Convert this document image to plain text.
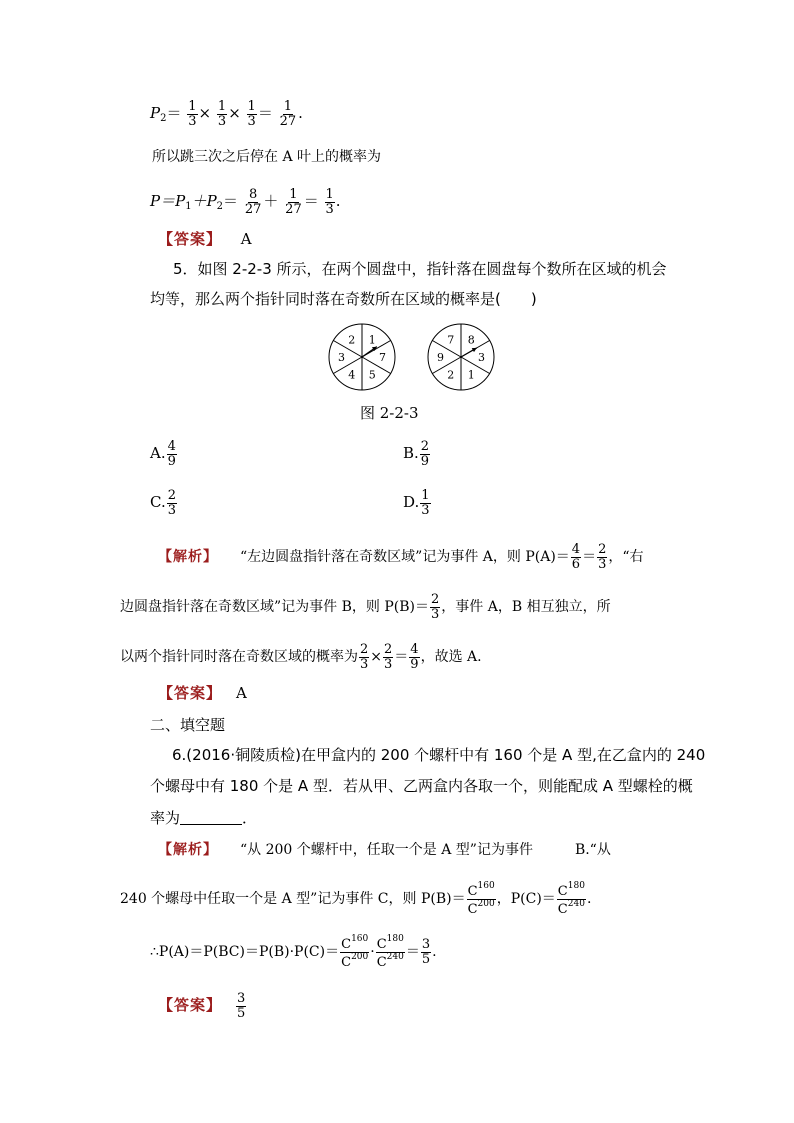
$P_2= \frac{1}{3} \times \frac{1}{3} \times \frac{1}{3} = \frac{1}{27}$ .
所以跳三次之后停在 A 叶上的概率为
$P=P_1+P_2= \frac{8}{27} + \frac{1}{27} = \frac{1}{3}$ .
【答案】 A
5．如图 2-2-3 所示，在两个圆盘中，指针落在圆盘每个数所在区域的机会
均等，那么两个指针同时落在奇数所在区域的概率是(　　)
1
7
5
4
3
2	8
3
1
2
9
7
图 2-2-3
A. $\frac{4}{9}$	B. $\frac{2}{9}$
C. $\frac{2}{3}$	D. $\frac{1}{3}$
【解析】 “左边圆盘指针落在奇数区域”记为事件 A，则 $P(A)= \frac{4}{6} = \frac{2}{3}$ ，“右
边圆盘指针落在奇数区域”记为事件 B，则 $P(B)= \frac{2}{3}$ ，事件 A，B 相互独立，所
以两个指针同时落在奇数区域的概率为 $\frac{2}{3} \times \frac{2}{3} = \frac{4}{9}$ ，故选 A.
【答案】 A
二、填空题
6.(2016·铜陵质检)在甲盒内的 200 个螺杆中有 160 个是 A 型,在乙盒内的 240
个螺母中有 180 个是 A 型．若从甲、乙两盒内各取一个，则能配成 A 型螺栓的概
率为	．
【解析】 “从 200 个螺杆中，任取一个是 A 型”记为事件　　　B.“从
240 个螺母中任取一个是 A 型”记为事件 C，则 $P(B)= \frac{C^{160}}{C^{200}}$ ，$P(C)= \frac{C^{180}}{C^{240}}$ .
∴P(A)＝P(BC)＝P(B)·P(C)＝ $\frac{C^{160}}{C^{200}} \cdot \frac{C^{180}}{C^{240}} = \frac{3}{5}$ .
【答案】 $\frac{3}{5}$
